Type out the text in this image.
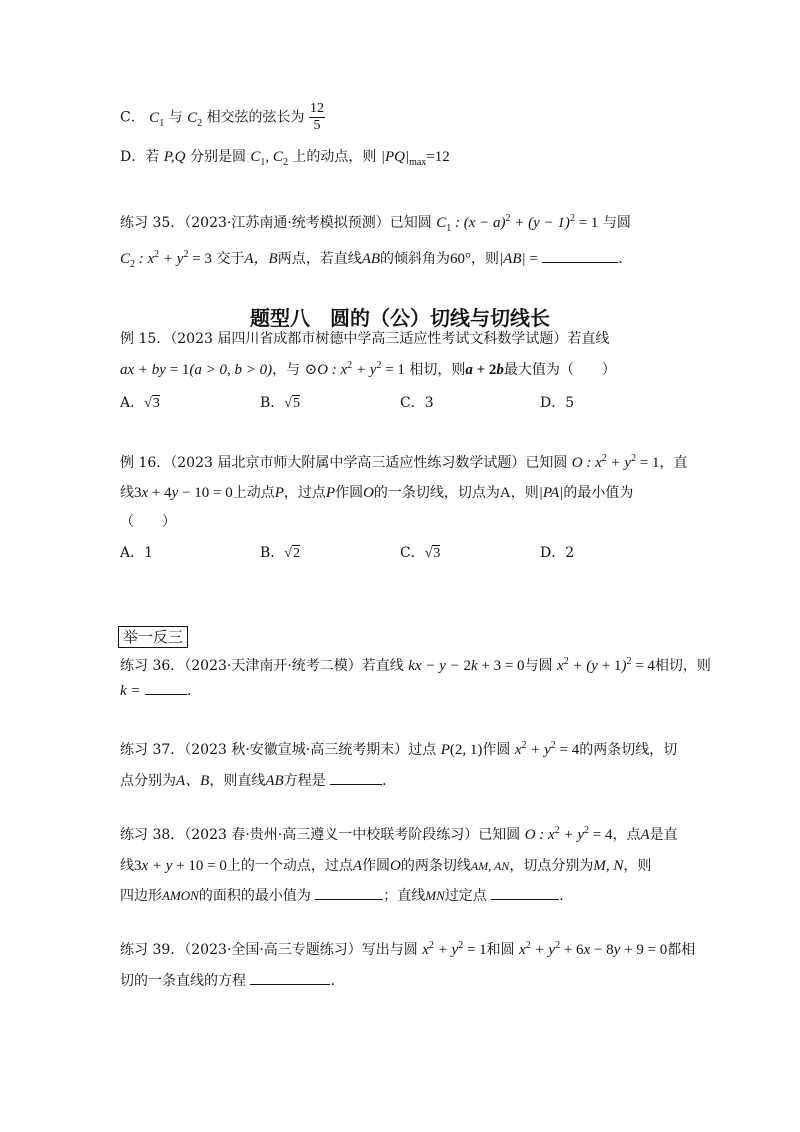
C． $C_1$ 与 $C_2$ 相交弦的弦长为 $\frac{12}{5}$
D．若 P,Q 分别是圆 $C_1$, $C_2$ 上的动点，则 $|PQ|_{max}=12$
练习 35．（2023·江苏南通·统考模拟预测）已知圆 $C_1$ : $(x - a)^2 + (y - 1)^2 = 1$ 与圆
$C_2$ : $x^2 + y^2 = 3$ 交于A，B两点，若直线AB的倾斜角为60°，则|AB| =	．
题型八　圆的（公）切线与切线长
例 15．（2023 届四川省成都市树德中学高三适应性考试文科数学试题）若直线
ax + by = 1(a > 0, b > 0)，与 ⊙O : $x^2 + y^2 = 1$ 相切，则a + 2b最大值为（　　）
A．√3	B．√5	C．3	D．5
例 16．（2023 届北京市师大附属中学高三适应性练习数学试题）已知圆 O : $x^2 + y^2 = 1$，直
线3x + 4y − 10 = 0上动点P，过点P作圆O的一条切线，切点为A，则|PA|的最小值为
（　　）
A．1	B．√2	C．√3	D．2
举一反三
练习 36．（2023·天津南开·统考二模）若直线 kx − y − 2k + 3 = 0与圆 $x^2 + (y + 1)^2 = 4$相切，则
k =	．
练习 37．（2023 秋·安徽宣城·高三统考期末）过点 P(2, 1)作圆 $x^2 + y^2 = 4$的两条切线，切
点分别为A、B，则直线AB方程是	．
练习 38．（2023 春·贵州·高三遵义一中校联考阶段练习）已知圆 O : $x^2 + y^2 = 4$，点A是直
线3x + y + 10 = 0上的一个动点，过点A作圆O的两条切线AM, AN，切点分别为M, N，则
四边形AMON的面积的最小值为	；直线MN过定点	．
练习 39．（2023·全国·高三专题练习）写出与圆 $x^2 + y^2 = 1$和圆 $x^2 + y^2 + 6x - 8y + 9 = 0$都相
切的一条直线的方程	．
